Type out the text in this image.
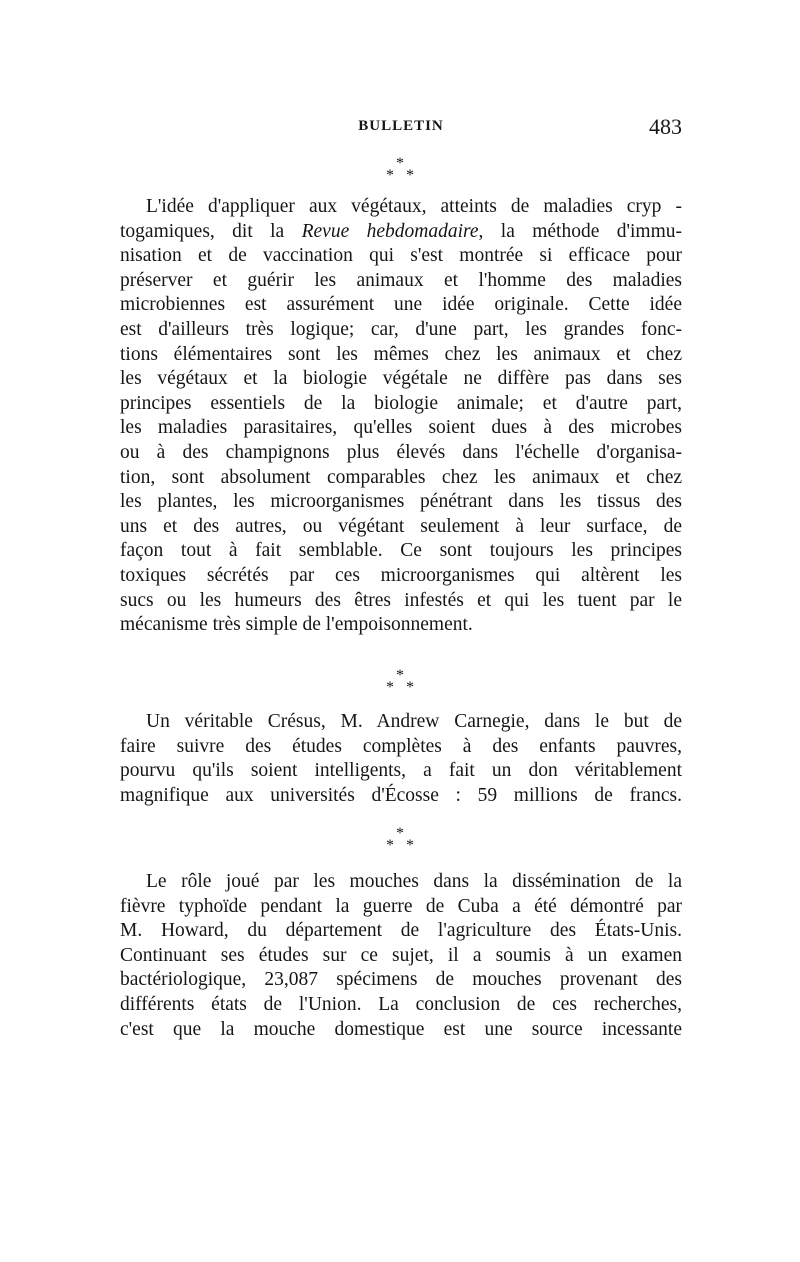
BULLETIN	483
*
* *
L'idée d'appliquer aux végétaux, atteints de maladies cryp -
togamiques, dit la Revue hebdomadaire, la méthode d'immu-
nisation et de vaccination qui s'est montrée si efficace pour
préserver et guérir les animaux et l'homme des maladies
microbiennes est assurément une idée originale. Cette idée
est d'ailleurs très logique; car, d'une part, les grandes fonc-
tions élémentaires sont les mêmes chez les animaux et chez
les végétaux et la biologie végétale ne diffère pas dans ses
principes essentiels de la biologie animale; et d'autre part,
les maladies parasitaires, qu'elles soient dues à des microbes
ou à des champignons plus élevés dans l'échelle d'organisa-
tion, sont absolument comparables chez les animaux et chez
les plantes, les microorganismes pénétrant dans les tissus des
uns et des autres, ou végétant seulement à leur surface, de
façon tout à fait semblable. Ce sont toujours les principes
toxiques sécrétés par ces microorganismes qui altèrent les
sucs ou les humeurs des êtres infestés et qui les tuent par le
mécanisme très simple de l'empoisonnement.
*
* *
Un véritable Crésus, M. Andrew Carnegie, dans le but de
faire suivre des études complètes à des enfants pauvres,
pourvu qu'ils soient intelligents, a fait un don véritablement
magnifique aux universités d'Écosse : 59 millions de francs.
*
* *
Le rôle joué par les mouches dans la dissémination de la
fièvre typhoïde pendant la guerre de Cuba a été démontré par
M. Howard, du département de l'agriculture des États-Unis.
Continuant ses études sur ce sujet, il a soumis à un examen
bactériologique, 23,087 spécimens de mouches provenant des
différents états de l'Union. La conclusion de ces recherches,
c'est que la mouche domestique est une source incessante
